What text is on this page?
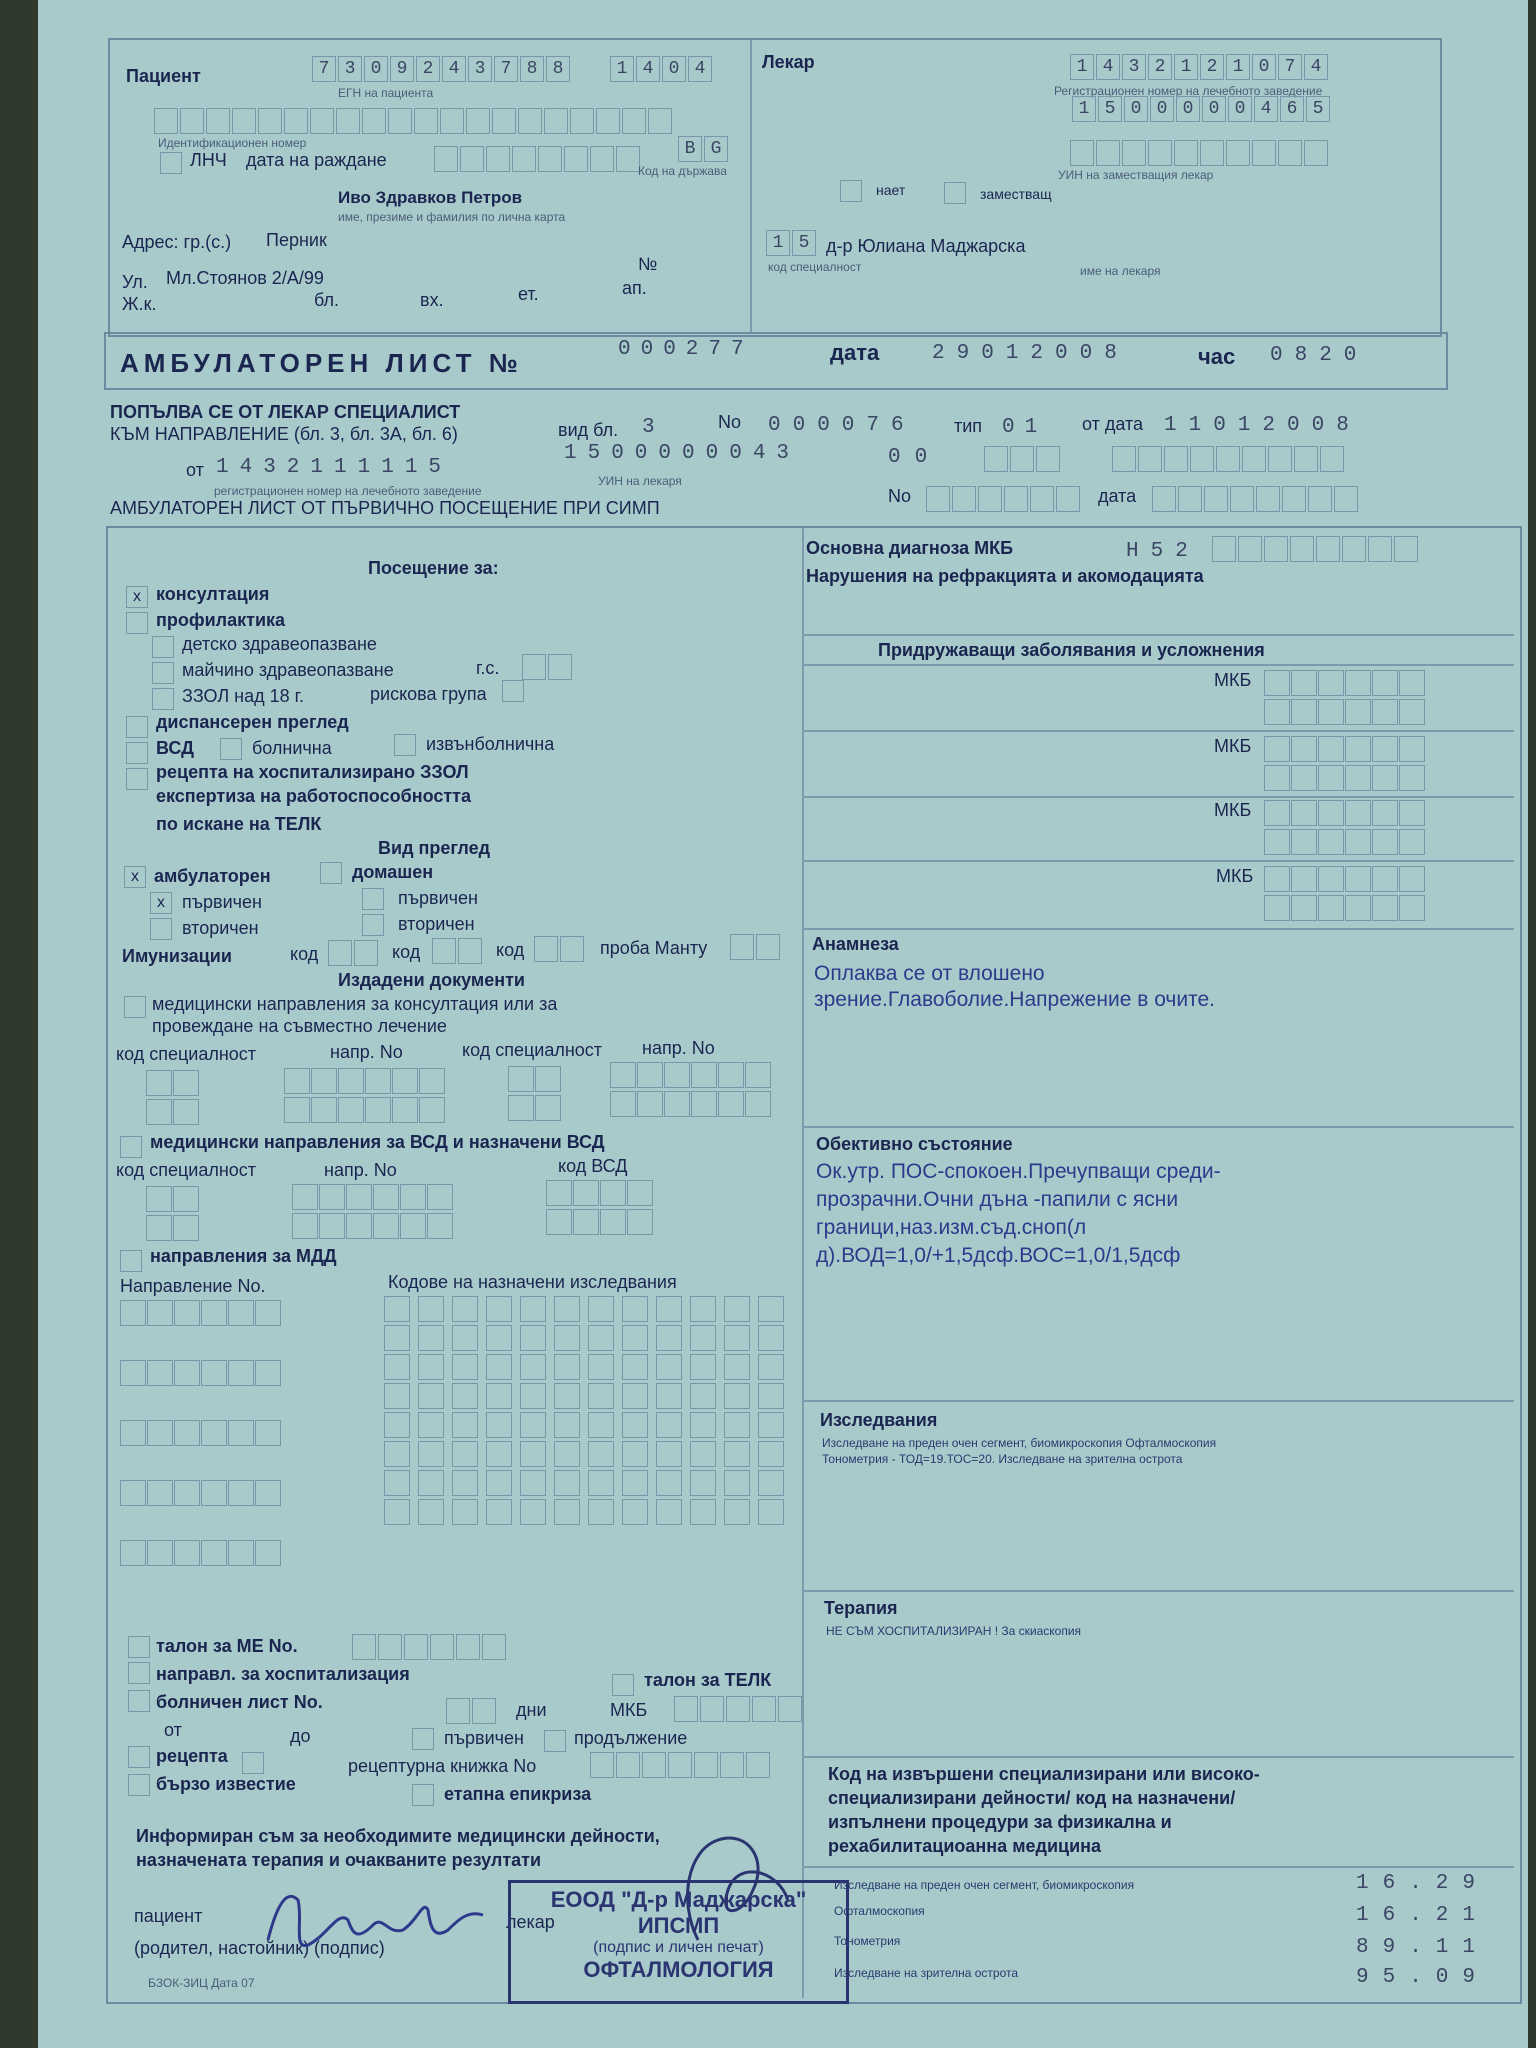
Пациент	7 3 0 9 2 4 3 7 8 8	1 4 0 4
ЕГН на пациента
Идентификационен номер
ЛНЧ дата на раждане
B G
Код на държава
Иво Здравков Петров
име, презиме и фамилия по лична карта
Адрес: гр.(с.) Перник
№
Ул. Мл.Стоянов 2/А/99
Ж.к.	бл.	вх.	ет.	ап.
Лекар	1 4 3 2 1 2 1 0 7 4
Регистрационен номер на лечебното заведение
1 5 0 0 0 0 0 4 6 5
УИН на заместващия лекар
нает	заместващ
1 5 д-р Юлиана Маджарска
код специалност	име на лекаря
АМБУЛАТОРЕН ЛИСТ №	000277	дата	29012008	час 0820
ПОПЪЛВА СЕ ОТ ЛЕКАР СПЕЦИАЛИСТ
КЪМ НАПРАВЛЕНИЕ (бл. 3, бл. 3А, бл. 6)	вид бл. 3	No 000076 тип 01 от дата 11012008
от 1432111115
регистрационен номер на лечебното заведение
1500000043
УИН на лекаря
00
АМБУЛАТОРЕН ЛИСТ ОТ ПЪРВИЧНО ПОСЕЩЕНИЕ ПРИ СИМП
No	дата
Посещение за:
x консултация
профилактика
детско здравеопазване
майчино здравеопазване	г.с.
ЗЗОЛ над 18 г.	рискова група
диспансерен преглед
ВСД	болнична	извънболнична
рецепта на хоспитализирано ЗЗОЛ
експертиза на работоспособността
по искане на ТЕЛК
Вид преглед
x амбулаторен	домашен
x първичен	първичен
вторичен	вторичен
Имунизации	код	код	код	проба Манту
Издадени документи
медицински направления за консултация или за
провеждане на съвместно лечение
код специалност	напр. No	код специалност напр. No
медицински направления за ВСД и назначени ВСД
код специалност	напр. No	код ВСД
направления за МДД
Направление No.	Кодове на назначени изследвания
талон за МЕ No.
направл. за хоспитализация	талон за ТЕЛК
болничен лист No.	дни	МКБ
от	до	първичен	продължение
рецепта	рецептурна книжка No
бързо известие	етапна епикриза
Информиран съм за необходимите медицински дейности,
назначената терапия и очакваните резултати
пациент
(родител, настойник) (подпис)
лекар
БЗОК-ЗИЦ Дата 07
ЕООД "Д-р Маджарска"
ИПСМП
(подпис и личен печат)
ОФТАЛМОЛОГИЯ
Основна диагноза МКБ	H52
Нарушения на рефракцията и акомодацията
Придружаващи заболявания и усложнения
МКБ
МКБ
МКБ
МКБ
Анамнеза
Оплаква се от влошено
зрение.Главоболие.Напрежение в очите.
Обективно състояние
Ок.утр. ПОС-спокоен.Пречупващи среди-
прозрачни.Очни дъна -папили с ясни
граници,наз.изм.съд.сноп(л
д).ВОД=1,0/+1,5дсф.ВОС=1,0/1,5дсф
Изследвания
Изследване на преден очен сегмент, биомикроскопия Офталмоскопия
Тонометрия - ТОД=19.ТОС=20. Изследване на зрителна острота
Терапия
НЕ СЪМ ХОСПИТАЛИЗИРАН ! За скиаскопия
Код на извършени специализирани или високо-
специализирани дейности/ код на назначени/
изпълнени процедури за физикална и
рехабилитациоанна медицина
Изследване на преден очен сегмент, биомикроскопия	16.29
Офталмоскопия	16.21
Тонометрия	89.11
Изследване на зрителна острота	95.09
